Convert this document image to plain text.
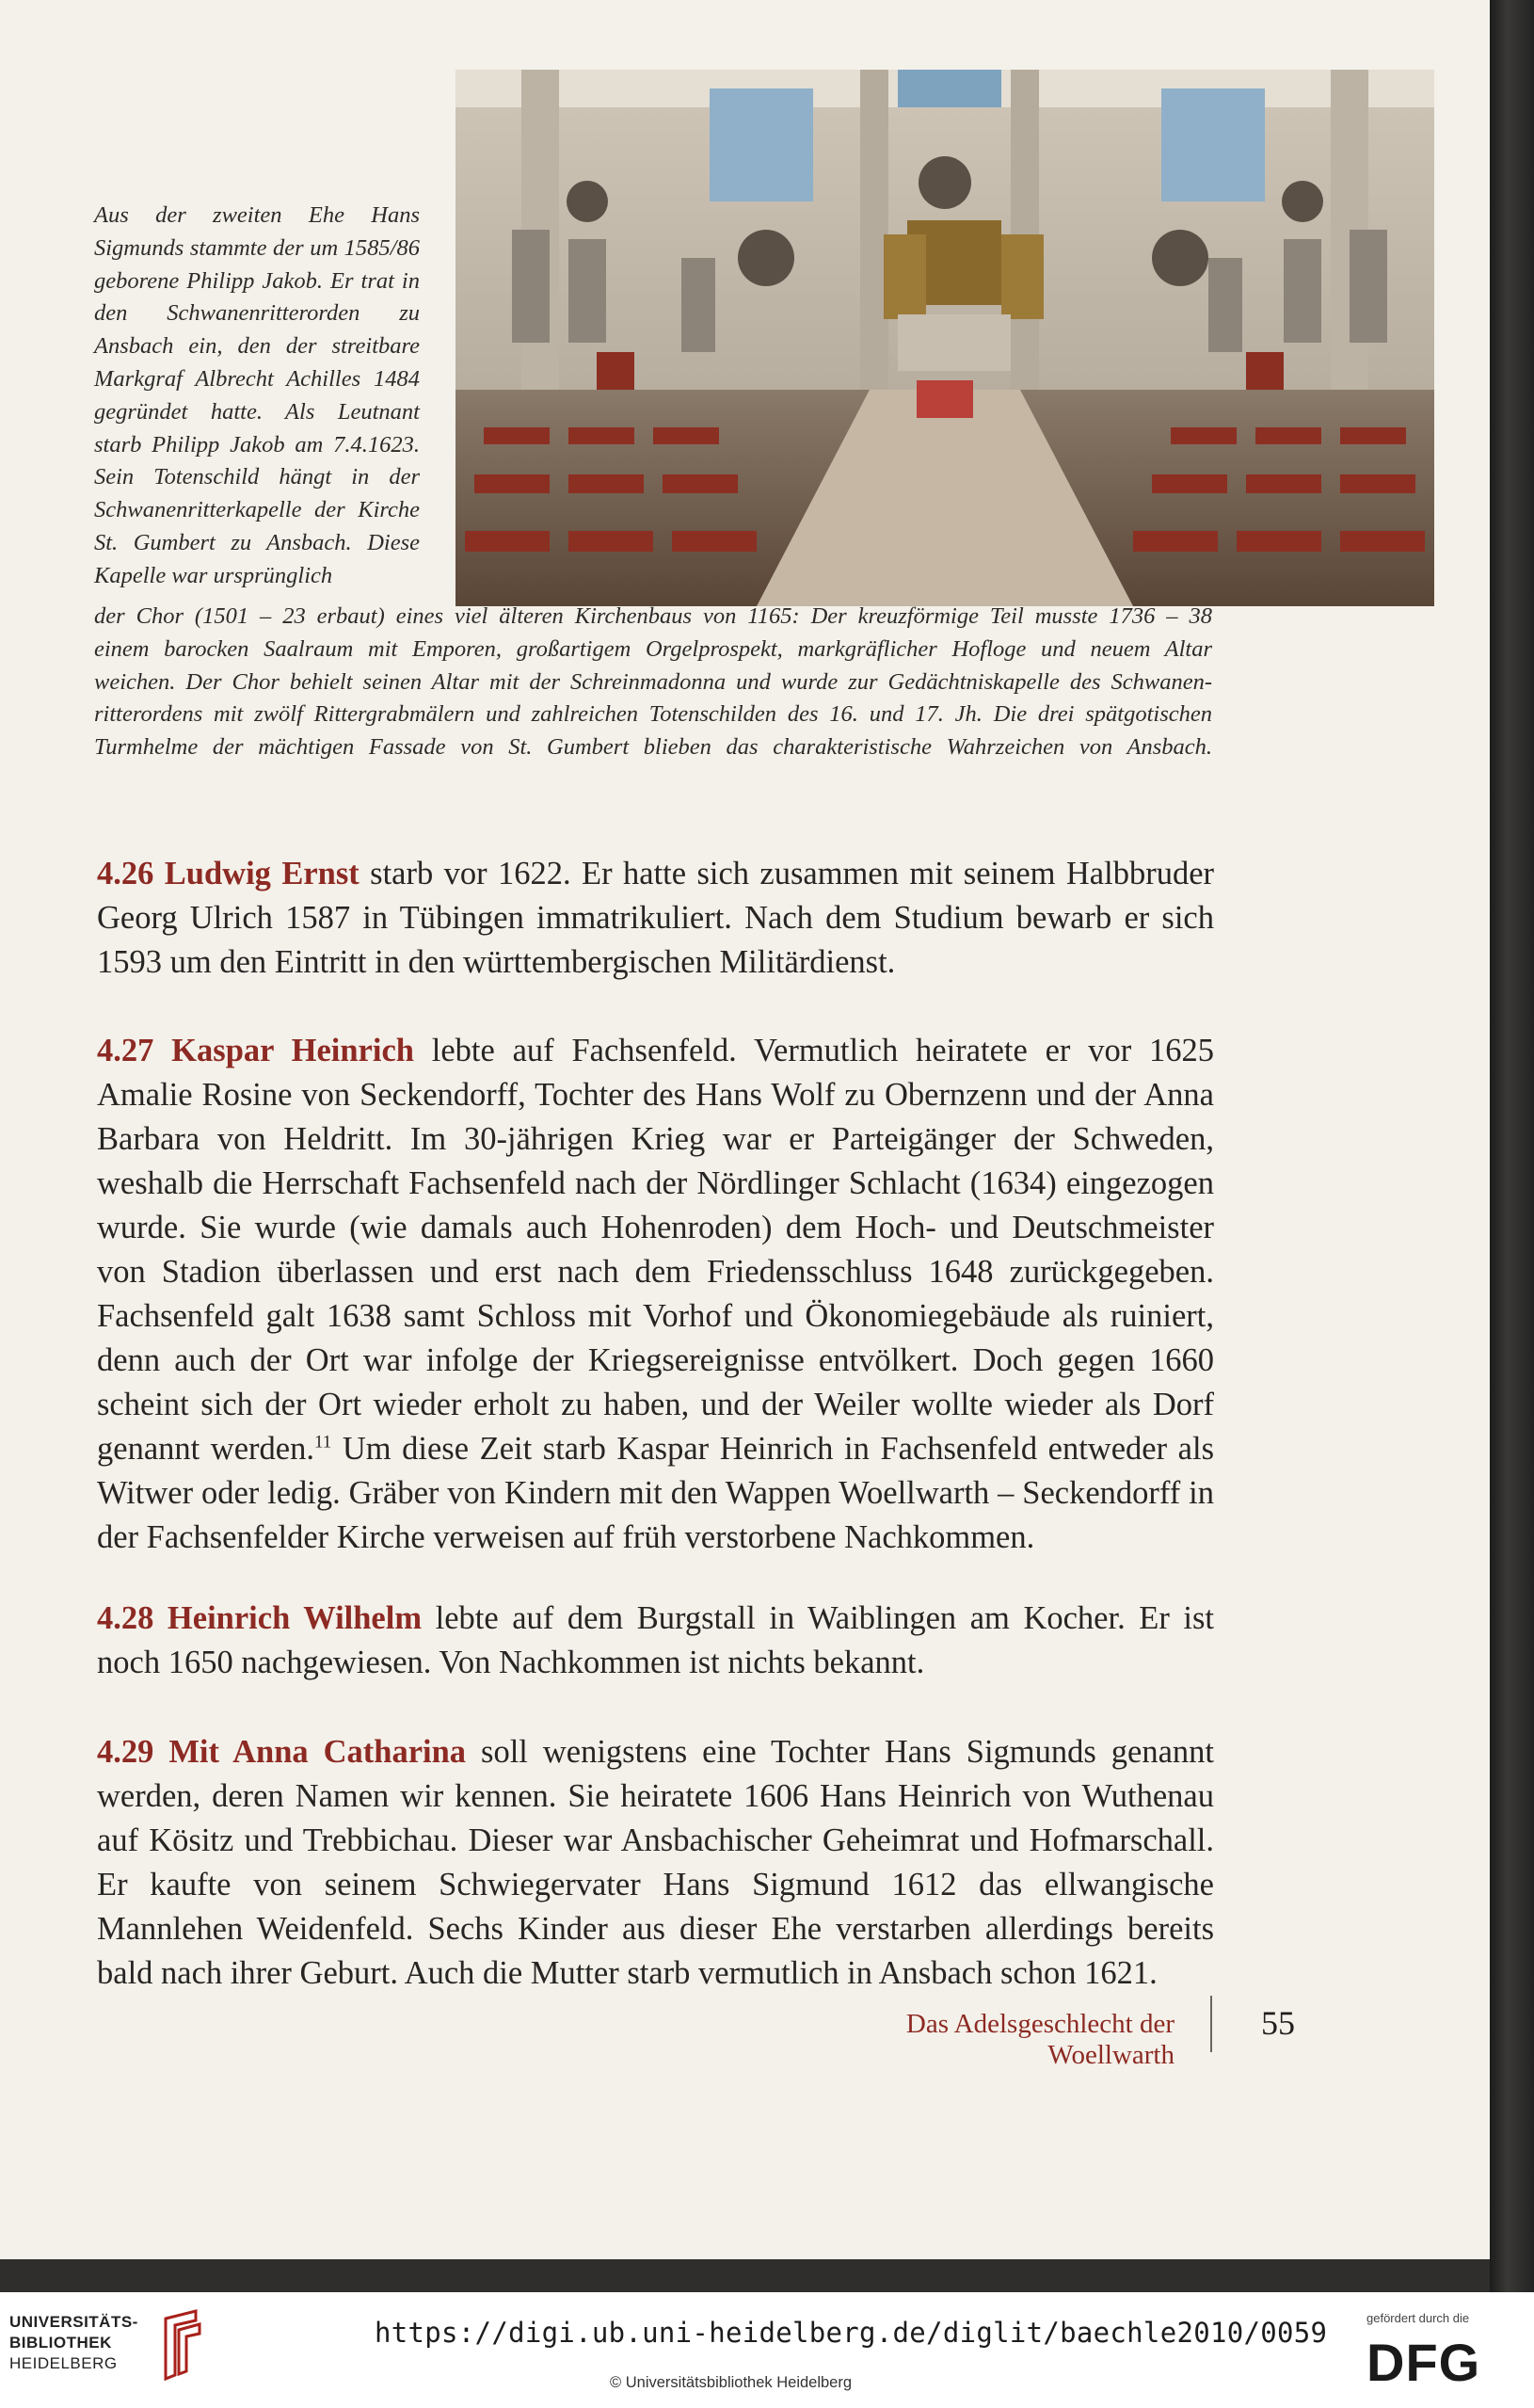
Aus der zweiten Ehe Hans Sigmunds stammte der um 1585/86 geborene Philipp Jakob. Er trat in den Schwanenritterorden zu Ansbach ein, den der streitbare Markgraf Albrecht Achilles 1484 gegründet hatte. Als Leutnant starb Philipp Jakob am 7.4.1623. Sein Totenschild hängt in der Schwanenritterkapelle der Kirche St. Gumbert zu Ansbach. Diese Kapelle war ursprünglich
der Chor (1501 – 23 erbaut) eines viel älteren Kirchenbaus von 1165: Der kreuzförmige Teil musste 1736 – 38
einem barocken Saalraum mit Emporen, großartigem Orgelprospekt, markgräflicher Hofloge und neuem Altar
weichen. Der Chor behielt seinen Altar mit der Schreinmadonna und wurde zur Gedächtniskapelle des Schwanen-
ritterordens mit zwölf Rittergrabmälern und zahlreichen Totenschilden des 16. und 17. Jh. Die drei spätgotischen
Turmhelme der mächtigen Fassade von St. Gumbert blieben das charakteristische Wahrzeichen von Ansbach.
4.26 Ludwig Ernst starb vor 1622. Er hatte sich zusammen mit seinem Halbbruder Georg Ulrich 1587 in Tübingen immatrikuliert. Nach dem Studium bewarb er sich 1593 um den Eintritt in den württembergischen Militärdienst.
4.27 Kaspar Heinrich lebte auf Fachsenfeld. Vermutlich heiratete er vor 1625 Amalie Rosine von Seckendorff, Tochter des Hans Wolf zu Obernzenn und der Anna Barbara von Heldritt. Im 30-jährigen Krieg war er Parteigänger der Schweden, weshalb die Herrschaft Fachsenfeld nach der Nördlinger Schlacht (1634) eingezogen wurde. Sie wurde (wie damals auch Hohenroden) dem Hoch- und Deutschmeister von Stadion überlassen und erst nach dem Friedensschluss 1648 zurückgegeben. Fachsenfeld galt 1638 samt Schloss mit Vorhof und Ökonomiegebäude als ruiniert, denn auch der Ort war infolge der Kriegsereignisse entvölkert. Doch gegen 1660 scheint sich der Ort wieder erholt zu haben, und der Weiler wollte wieder als Dorf genannt werden.$^{11}$ Um diese Zeit starb Kaspar Heinrich in Fachsenfeld entweder als Witwer oder ledig. Gräber von Kindern mit den Wappen Woellwarth – Seckendorff in der Fachsenfelder Kirche verweisen auf früh verstorbene Nachkommen.
4.28 Heinrich Wilhelm lebte auf dem Burgstall in Waiblingen am Kocher. Er ist noch 1650 nachgewiesen. Von Nachkommen ist nichts bekannt.
4.29 Mit Anna Catharina soll wenigstens eine Tochter Hans Sigmunds genannt werden, deren Namen wir kennen. Sie heiratete 1606 Hans Heinrich von Wuthenau auf Kösitz und Trebbichau. Dieser war Ansbachischer Geheimrat und Hofmarschall. Er kaufte von seinem Schwiegervater Hans Sigmund 1612 das ellwangische Mannlehen Weidenfeld. Sechs Kinder aus dieser Ehe verstarben allerdings bereits bald nach ihrer Geburt. Auch die Mutter starb vermutlich in Ansbach schon 1621.
Das Adelsgeschlecht der Woellwarth
55
UNIVERSITÄTS-
BIBLIOTHEK
HEIDELBERG
https://digi.ub.uni-heidelberg.de/diglit/baechle2010/0059
© Universitätsbibliothek Heidelberg
gefördert durch die
DFG
